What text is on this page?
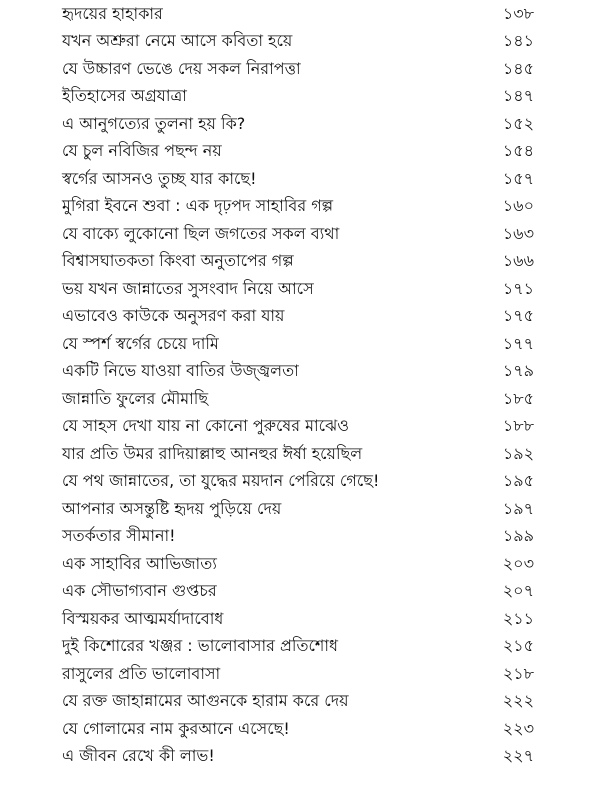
হৃদয়ের হাহাকার	১৩৮
যখন অশ্রুরা নেমে আসে কবিতা হয়ে	১৪১
যে উচ্চারণ ভেঙে দেয় সকল নিরাপত্তা	১৪৫
ইতিহাসের অগ্রযাত্রা	১৪৭
এ আনুগত্যের তুলনা হয় কি?	১৫২
যে চুল নবিজির পছন্দ নয়	১৫৪
স্বর্গের আসনও তুচ্ছ যার কাছে!	১৫৭
মুগিরা ইবনে শুবা : এক দৃঢ়পদ সাহাবির গল্প	১৬০
যে বাক্যে লুকোনো ছিল জগতের সকল ব্যথা	১৬৩
বিশ্বাসঘাতকতা কিংবা অনুতাপের গল্প	১৬৬
ভয় যখন জান্নাতের সুসংবাদ নিয়ে আসে	১৭১
এভাবেও কাউকে অনুসরণ করা যায়	১৭৫
যে স্পর্শ স্বর্গের চেয়ে দামি	১৭৭
একটি নিভে যাওয়া বাতির উজ্জ্বলতা	১৭৯
জান্নাতি ফুলের মৌমাছি	১৮৫
যে সাহস দেখা যায় না কোনো পুরুষের মাঝেও	১৮৮
যার প্রতি উমর রাদিয়াল্লাহু আনহুর ঈর্ষা হয়েছিল	১৯২
যে পথ জান্নাতের, তা যুদ্ধের ময়দান পেরিয়ে গেছে!	১৯৫
আপনার অসন্তুষ্টি হৃদয় পুড়িয়ে দেয়	১৯৭
সতর্কতার সীমানা!	১৯৯
এক সাহাবির আভিজাত্য	২০৩
এক সৌভাগ্যবান গুপ্তচর	২০৭
বিস্ময়কর আত্মমর্যাদাবোধ	২১১
দুই কিশোরের খঞ্জর : ভালোবাসার প্রতিশোধ	২১৫
রাসুলের প্রতি ভালোবাসা	২১৮
যে রক্ত জাহান্নামের আগুনকে হারাম করে দেয়	২২২
যে গোলামের নাম কুরআনে এসেছে!	২২৩
এ জীবন রেখে কী লাভ!	২২৭
